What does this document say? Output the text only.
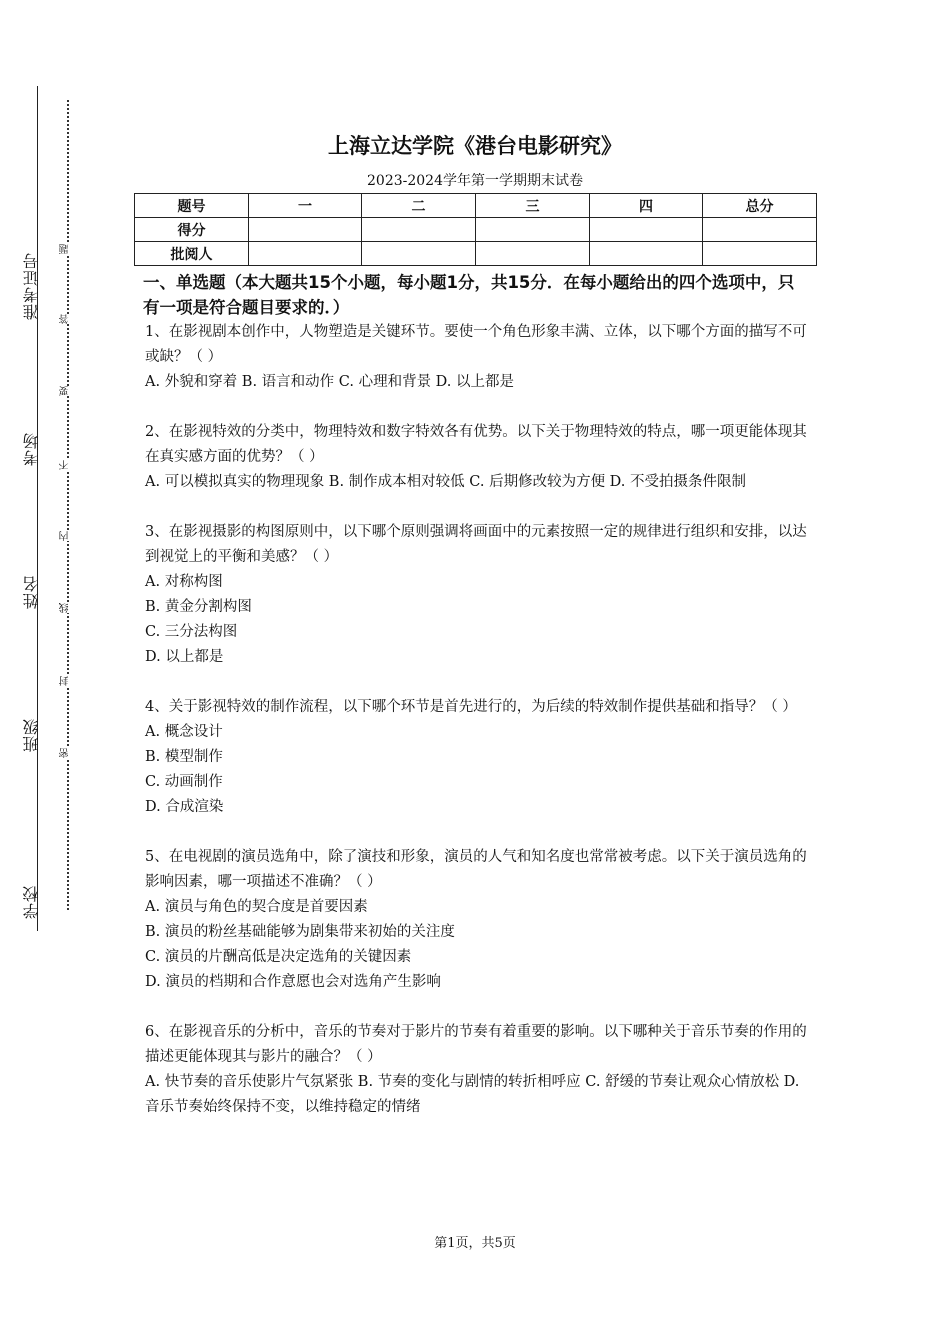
准考证号
考场
姓名
班级
学校
题
答
要
不
内
线
封
密
上海立达学院《港台电影研究》
2023-2024学年第一学期期末试卷
题号	一	二	三	四	总分
得分					
批阅人					
一、单选题（本大题共15个小题，每小题1分，共15分．在每小题给出的四个选项中，只有一项是符合题目要求的．）
1、在影视剧本创作中，人物塑造是关键环节。要使一个角色形象丰满、立体，以下哪个方面的描写不可或缺？（ ）
A. 外貌和穿着 B. 语言和动作 C. 心理和背景 D. 以上都是
2、在影视特效的分类中，物理特效和数字特效各有优势。以下关于物理特效的特点，哪一项更能体现其在真实感方面的优势？（ ）
A. 可以模拟真实的物理现象 B. 制作成本相对较低 C. 后期修改较为方便 D. 不受拍摄条件限制
3、在影视摄影的构图原则中，以下哪个原则强调将画面中的元素按照一定的规律进行组织和安排，以达到视觉上的平衡和美感？（ ）
A. 对称构图
B. 黄金分割构图
C. 三分法构图
D. 以上都是
4、关于影视特效的制作流程，以下哪个环节是首先进行的，为后续的特效制作提供基础和指导？（ ）
A. 概念设计
B. 模型制作
C. 动画制作
D. 合成渲染
5、在电视剧的演员选角中，除了演技和形象，演员的人气和知名度也常常被考虑。以下关于演员选角的影响因素，哪一项描述不准确？（ ）
A. 演员与角色的契合度是首要因素
B. 演员的粉丝基础能够为剧集带来初始的关注度
C. 演员的片酬高低是决定选角的关键因素
D. 演员的档期和合作意愿也会对选角产生影响
6、在影视音乐的分析中，音乐的节奏对于影片的节奏有着重要的影响。以下哪种关于音乐节奏的作用的描述更能体现其与影片的融合？（ ）
A. 快节奏的音乐使影片气氛紧张 B. 节奏的变化与剧情的转折相呼应 C. 舒缓的节奏让观众心情放松 D. 音乐节奏始终保持不变，以维持稳定的情绪
第1页，共5页
